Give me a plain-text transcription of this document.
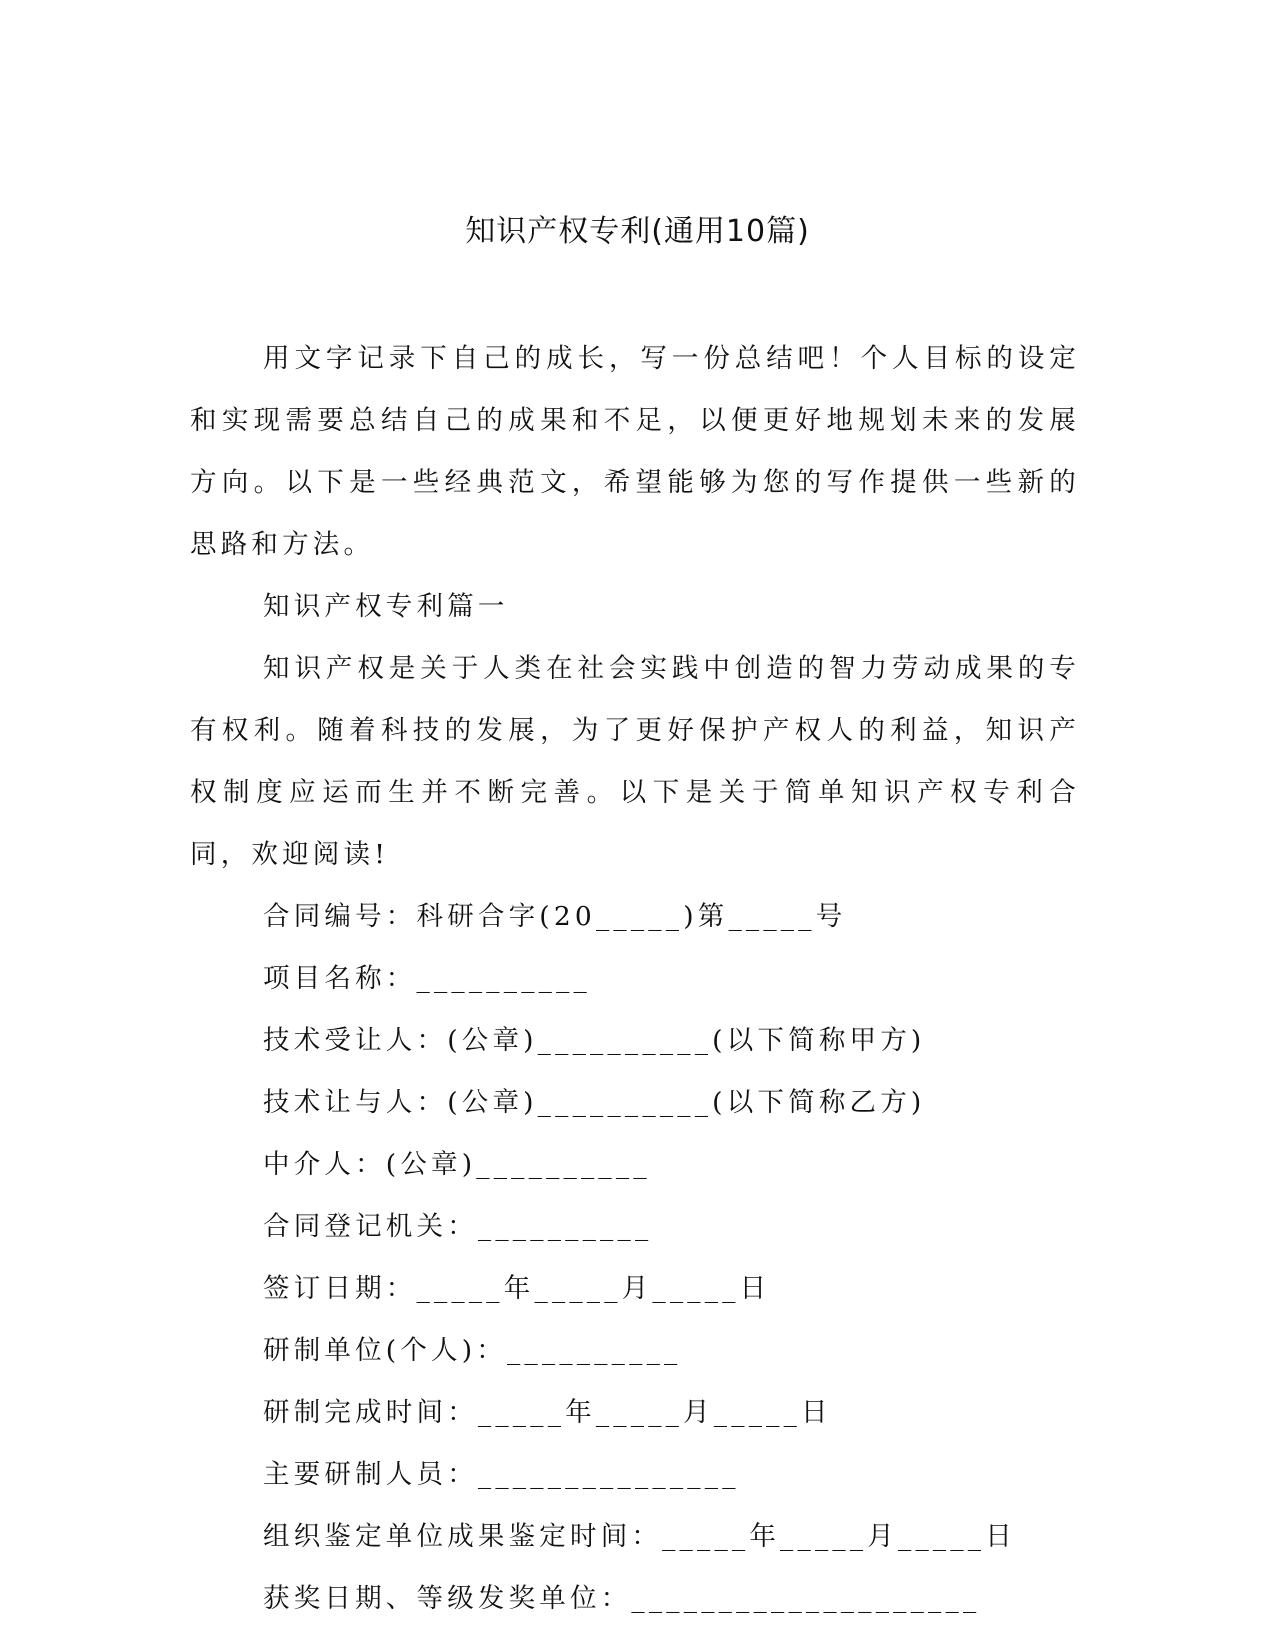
知识产权专利(通用10篇)

用文字记录下自己的成长，写一份总结吧！个人目标的设定和实现需要总结自己的成果和不足，以便更好地规划未来的发展方向。以下是一些经典范文，希望能够为您的写作提供一些新的思路和方法。

知识产权专利篇一

知识产权是关于人类在社会实践中创造的智力劳动成果的专有权利。随着科技的发展，为了更好保护产权人的利益，知识产权制度应运而生并不断完善。以下是关于简单知识产权专利合同，欢迎阅读!

合同编号：科研合字(20_____)第_____号

项目名称：__________

技术受让人：(公章)__________(以下简称甲方)

技术让与人：(公章)__________(以下简称乙方)

中介人：(公章)__________

合同登记机关：__________

签订日期：_____年_____月_____日

研制单位(个人)：__________

研制完成时间：_____年_____月_____日

主要研制人员：_______________

组织鉴定单位成果鉴定时间：_____年_____月_____日

获奖日期、等级发奖单位：____________________
